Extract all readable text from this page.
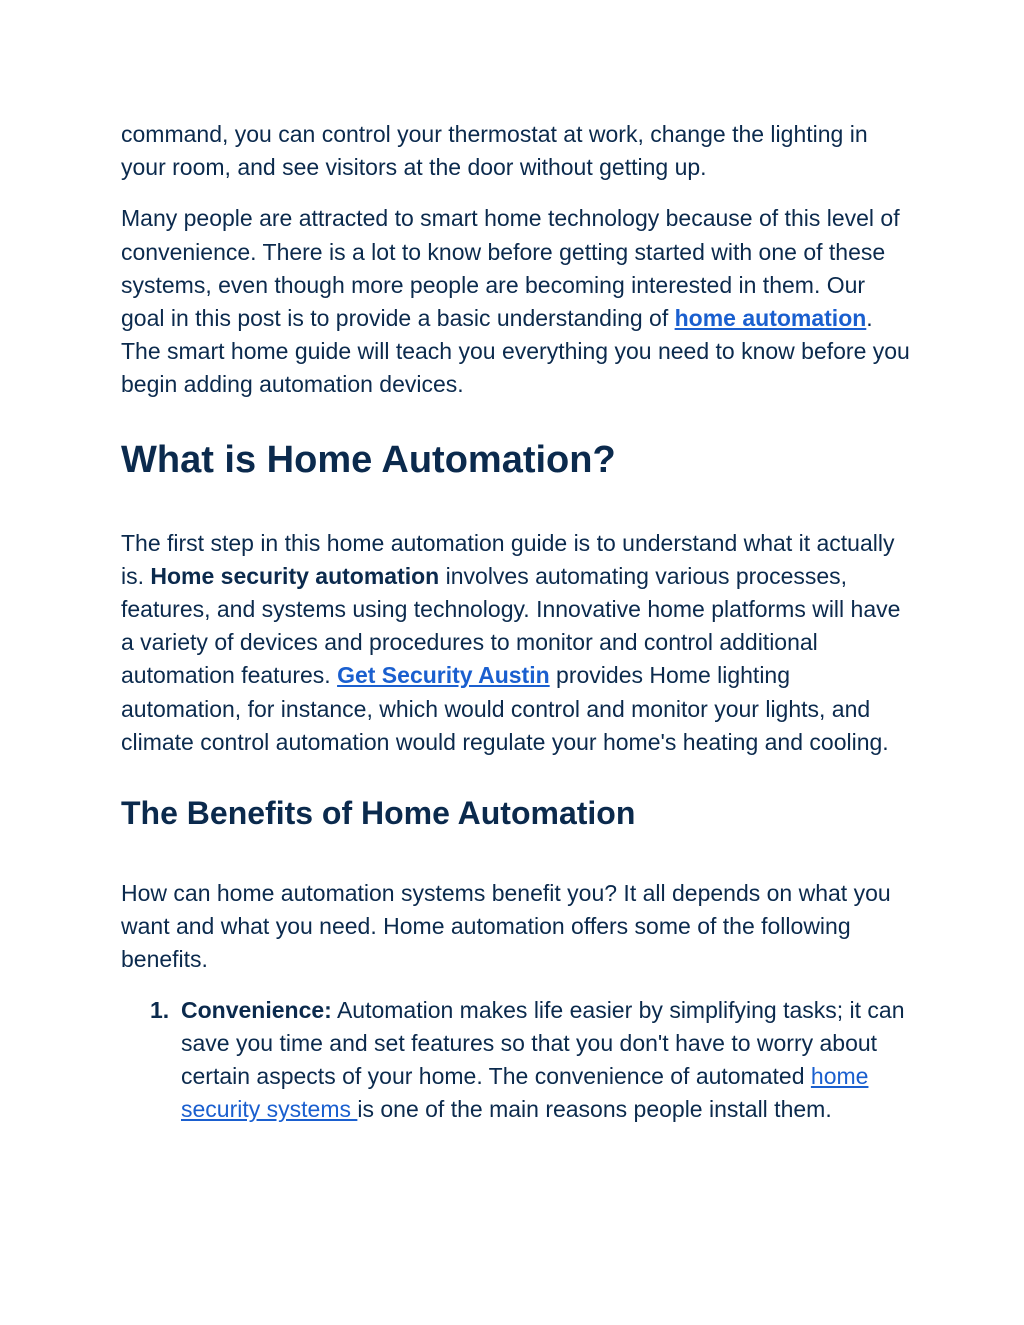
command, you can control your thermostat at work, change the lighting in your room, and see visitors at the door without getting up.

Many people are attracted to smart home technology because of this level of convenience. There is a lot to know before getting started with one of these systems, even though more people are becoming interested in them. Our goal in this post is to provide a basic understanding of home automation. The smart home guide will teach you everything you need to know before you begin adding automation devices.

What is Home Automation?

The first step in this home automation guide is to understand what it actually is. Home security automation involves automating various processes, features, and systems using technology. Innovative home platforms will have a variety of devices and procedures to monitor and control additional automation features. Get Security Austin provides Home lighting automation, for instance, which would control and monitor your lights, and climate control automation would regulate your home's heating and cooling.

The Benefits of Home Automation

How can home automation systems benefit you? It all depends on what you want and what you need. Home automation offers some of the following benefits.

1. Convenience: Automation makes life easier by simplifying tasks; it can save you time and set features so that you don't have to worry about certain aspects of your home. The convenience of automated home security systems is one of the main reasons people install them.
